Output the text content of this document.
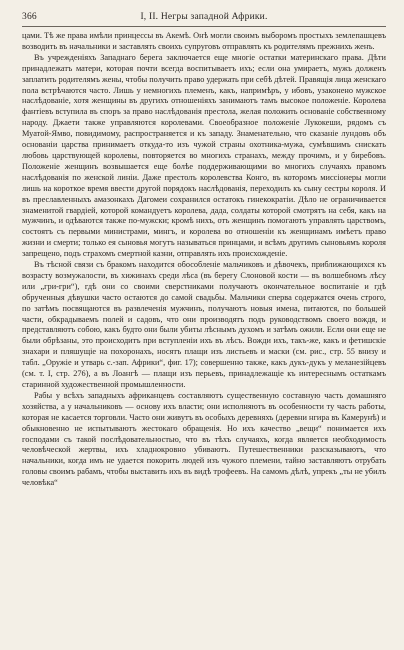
366	I, II. Негры западной Африки.

цами. Тѣ же права имѣли принцессы въ Акемѣ. Онѣ могли своимъ выборомъ простыхъ землепашцевъ возводить въ начальники и заставлять своихъ супруговъ отправлять къ родителямъ прежнихъ женъ.

Въ учрежденіяхъ Западнаго берега заключается еще многіе остатки материнскаго права. Дѣти принадлежатъ матери, которая почти всегда воспитываетъ ихъ; если она умираетъ, мужъ долженъ заплатить родителямъ жены, чтобы получить право удержать при себѣ дѣтей. Правящія лица женскаго пола встрѣчаются часто. Лишь у немногихъ племенъ, какъ, напримѣръ, у ибовъ, узаконено мужское наслѣдованіе, хотя женщины въ другихъ отношеніяхъ занимаютъ тамъ высокое положеніе. Королева фантіевъ вступила въ споръ за право наслѣдованія престола, желая положить основаніе собственному народу. Джаети также управляются королевами. Своеобразное положеніе Лукокеши, рядомъ съ Муатой-Ямво, повидимому, распространяется и къ западу. Знаменательно, что сказаніе лундовъ объ основаніи царства принимаетъ откуда-то изъ чужой страны охотника-мужа, сумѣвшимъ снискать любовь царствующей королевы, повторяется во многихъ странахъ, между прочимъ, и у биребовъ. Положеніе женщинъ возвышается еще болѣе поддерживающими во многихъ случаяхъ правомъ наслѣдованія по женской линіи. Даже престолъ королевства Конго, въ которомъ миссіонеры могли лишь на короткое время ввести другой порядокъ наслѣдованія, переходилъ къ сыну сестры короля. И въ преславленныхъ амазонкахъ Дагомеи сохранился остатокъ гинекократіи. Дѣло не ограничивается знаменитой гвардіей, которой командуетъ королева, дада, солдаты которой смотрятъ на себя, какъ на мужчинъ, и одѣваются также по-мужски; кромѣ нихъ, отъ женщинъ помогаютъ управлять царствомъ, состоятъ съ первыми министрами, мингъ, и королева во отношеніи къ женщинамъ имѣетъ право жизни и смерти; только ея сыновья могутъ называться принцами, и всѣмъ другимъ сыновьямъ короля запрещено, подъ страхомъ смертной казни, отправлять ихъ происхожденіе.

Въ тѣсной связи съ бракомъ находится обособленіе мальчиковъ и дѣвочекъ, приближающихся къ возрасту возмужалости, въ хижинахъ среди лѣса (въ берегу Слоновой кости — въ волшебномъ лѣсу или „гри-гри“), гдѣ они со своими сверстниками получаютъ окончательное воспитаніе и гдѣ обрученныя дѣвушки часто остаются до самой свадьбы. Мальчики сперва содержатся очень строго, по затѣмъ посвящаются въ развлеченія мужчинъ, получаютъ новыя имена, питаются, по большей части, обкрадываемъ полей и садовъ, что они производятъ подъ руководствомъ своего вождя, и представляютъ собою, какъ будто они были убиты лѣснымъ духомъ и затѣмъ ожили. Если они еще не были обрѣзаны, это происходитъ при вступленіи ихъ въ лѣсъ. Вожди ихъ, такъ-же, какъ и фетишскіе знахари и пляшущіе на похоронахъ, носятъ плащи изъ листьевъ и маски (см. рис., стр. 55 внизу и табл. „Оружіе и утварь с.-зап. Африки“, фиг. 17); совершенно также, какъ дукъ-дукъ у меланезійцевъ (см. т. I, стр. 276), а въ Лоангѣ — плащи изъ перьевъ, принадлежащіе къ интереснымъ остаткамъ старинной художественной промышленности.

Рабы у всѣхъ западныхъ африканцевъ составляютъ существенную составную часть домашняго хозяйства, а у начальниковъ — основу ихъ власти; они исполняютъ въ особенности ту часть работы, которая не касается торговли. Часто они живутъ въ особыхъ деревняхъ (деревни нгира въ Камерунѣ) и обыкновенно не испытываютъ жестокаго обращенія. Но ихъ качество „вещи“ понимается ихъ господами съ такой послѣдовательностью, что въ тѣхъ случаяхъ, когда является необходимость человѣческой жертвы, ихъ хладнокровно убиваютъ. Путешественники разсказываютъ, что начальники, когда имъ не удается покорить людей изъ чужого племени, тайно заставляютъ отрубать головы своимъ рабамъ, чтобы выставить ихъ въ видѣ трофеевъ. На самомъ дѣлѣ, упрекъ „ты не убилъ человѣка“
